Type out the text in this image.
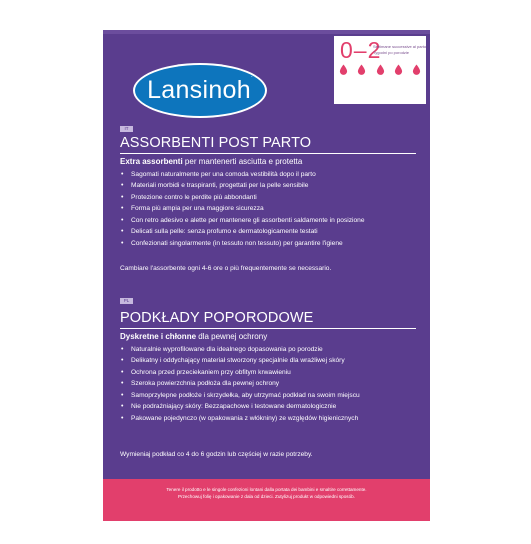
0–2
Settimane successive al parto
Tygodni po porodzie
Lansinoh.
IT
ASSORBENTI POST PARTO
Extra assorbenti per mantenerti asciutta e protetta
• Sagomati naturalmente per una comoda vestibilità dopo il parto
• Materiali morbidi e traspiranti, progettati per la pelle sensibile
• Protezione contro le perdite più abbondanti
• Forma più ampia per una maggiore sicurezza
• Con retro adesivo e alette per mantenere gli assorbenti saldamente in posizione
• Delicati sulla pelle: senza profumo e dermatologicamente testati
• Confezionati singolarmente (in tessuto non tessuto) per garantire l'igiene
Cambiare l'assorbente ogni 4-6 ore o più frequentemente se necessario.
PL
PODKŁADY POPORODOWE
Dyskretne i chłonne dla pewnej ochrony
• Naturalnie wyprofilowane dla idealnego dopasowania po porodzie
• Delikatny i oddychający materiał stworzony specjalnie dla wrażliwej skóry
• Ochrona przed przeciekaniem przy obfitym krwawieniu
• Szeroka powierzchnia podłoża dla pewnej ochrony
• Samoprzylepne podłoże i skrzydełka, aby utrzymać podkład na swoim miejscu
• Nie podrażniający skóry: Bezzapachowe i testowane dermatologicznie
• Pakowane pojedynczo (w opakowania z włókniny) ze względów higienicznych
Wymieniaj podkład co 4 do 6 godzin lub częściej w razie potrzeby.
Tenere il prodotto e le singole confezioni lontani dalla portata dei bambini e smaltire correttamente.
Przechowuj folię i opakowanie z dala od dzieci. Zutylizuj produkt w odpowiedni sposób.
